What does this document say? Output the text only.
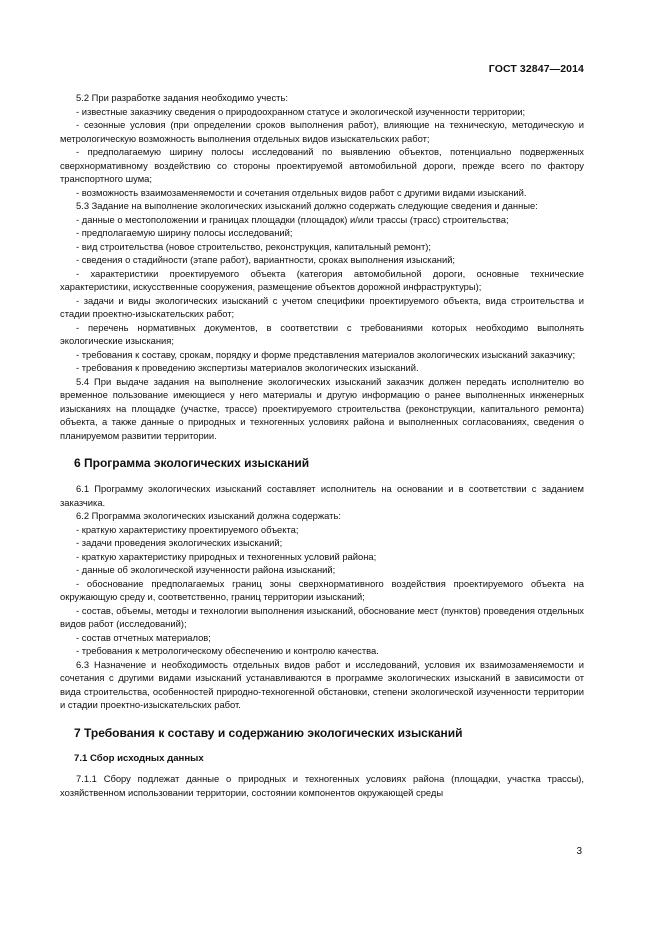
ГОСТ 32847—2014

5.2 При разработке задания необходимо учесть:

- известные заказчику сведения о природоохранном статусе и экологической изученности территории;

- сезонные условия (при определении сроков выполнения работ), влияющие на техническую, методическую и метрологическую возможность выполнения отдельных видов изыскательских работ;

- предполагаемую ширину полосы исследований по выявлению объектов, потенциально подверженных сверхнормативному воздействию со стороны проектируемой автомобильной дороги, прежде всего по фактору транспортного шума;

- возможность взаимозаменяемости и сочетания отдельных видов работ с другими видами изысканий.

5.3 Задание на выполнение экологических изысканий должно содержать следующие сведения и данные:

- данные о местоположении и границах площадки (площадок) и/или трассы (трасс) строительства;

- предполагаемую ширину полосы исследований;

- вид строительства (новое строительство, реконструкция, капитальный ремонт);

- сведения о стадийности (этапе работ), вариантности, сроках выполнения изысканий;

- характеристики проектируемого объекта (категория автомобильной дороги, основные технические характеристики, искусственные сооружения, размещение объектов дорожной инфраструктуры);

- задачи и виды экологических изысканий с учетом специфики проектируемого объекта, вида строительства и стадии проектно-изыскательских работ;

- перечень нормативных документов, в соответствии с требованиями которых необходимо выполнять экологические изыскания;

- требования к составу, срокам, порядку и форме представления материалов экологических изысканий заказчику;

- требования к проведению экспертизы материалов экологических изысканий.

5.4 При выдаче задания на выполнение экологических изысканий заказчик должен передать исполнителю во временное пользование имеющиеся у него материалы и другую информацию о ранее выполненных инженерных изысканиях на площадке (участке, трассе) проектируемого строительства (реконструкции, капитального ремонта) объекта, а также данные о природных и техногенных условиях района и выполненных согласованиях, сведения о планируемом развитии территории.

6 Программа экологических изысканий

6.1 Программу экологических изысканий составляет исполнитель на основании и в соответствии с заданием заказчика.

6.2 Программа экологических изысканий должна содержать:

- краткую характеристику проектируемого объекта;

- задачи проведения экологических изысканий;

- краткую характеристику природных и техногенных условий района;

- данные об экологической изученности района изысканий;

- обоснование предполагаемых границ зоны сверхнормативного воздействия проектируемого объекта на окружающую среду и, соответственно, границ территории изысканий;

- состав, объемы, методы и технологии выполнения изысканий, обоснование мест (пунктов) проведения отдельных видов работ (исследований);

- состав отчетных материалов;

- требования к метрологическому обеспечению и контролю качества.

6.3 Назначение и необходимость отдельных видов работ и исследований, условия их взаимозаменяемости и сочетания с другими видами изысканий устанавливаются в программе экологических изысканий в зависимости от вида строительства, особенностей природно-техногенной обстановки, степени экологической изученности территории и стадии проектно-изыскательских работ.

7 Требования к составу и содержанию экологических изысканий

7.1 Сбор исходных данных

7.1.1 Сбору подлежат данные о природных и техногенных условиях района (площадки, участка трассы), хозяйственном использовании территории, состоянии компонентов окружающей среды

3
